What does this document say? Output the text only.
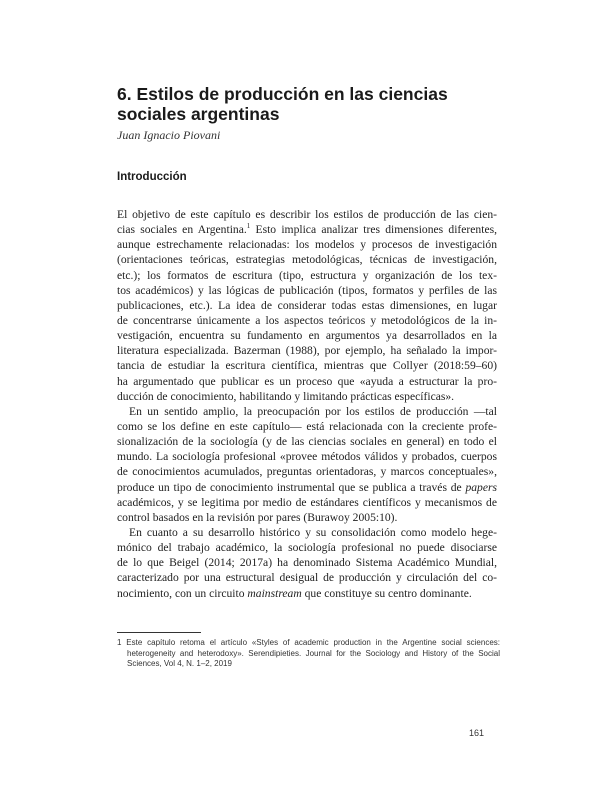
6. Estilos de producción en las ciencias
sociales argentinas
Juan Ignacio Piovani
Introducción
El objetivo de este capítulo es describir los estilos de producción de las cien-
cias sociales en Argentina.$^1$ Esto implica analizar tres dimensiones diferentes,
aunque estrechamente relacionadas: los modelos y procesos de investigación
(orientaciones teóricas, estrategias metodológicas, técnicas de investigación,
etc.); los formatos de escritura (tipo, estructura y organización de los tex-
tos académicos) y las lógicas de publicación (tipos, formatos y perfiles de las
publicaciones, etc.). La idea de considerar todas estas dimensiones, en lugar
de concentrarse únicamente a los aspectos teóricos y metodológicos de la in-
vestigación, encuentra su fundamento en argumentos ya desarrollados en la
literatura especializada. Bazerman (1988), por ejemplo, ha señalado la impor-
tancia de estudiar la escritura científica, mientras que Collyer (2018:59–60)
ha argumentado que publicar es un proceso que «ayuda a estructurar la pro-
ducción de conocimiento, habilitando y limitando prácticas específicas».
En un sentido amplio, la preocupación por los estilos de producción —tal
como se los define en este capítulo— está relacionada con la creciente profe-
sionalización de la sociología (y de las ciencias sociales en general) en todo el
mundo. La sociología profesional «provee métodos válidos y probados, cuerpos
de conocimientos acumulados, preguntas orientadoras, y marcos conceptuales»,
produce un tipo de conocimiento instrumental que se publica a través de papers
académicos, y se legitima por medio de estándares científicos y mecanismos de
control basados en la revisión por pares (Burawoy 2005:10).
En cuanto a su desarrollo histórico y su consolidación como modelo hege-
mónico del trabajo académico, la sociología profesional no puede disociarse
de lo que Beigel (2014; 2017a) ha denominado Sistema Académico Mundial,
caracterizado por una estructural desigual de producción y circulación del co-
nocimiento, con un circuito mainstream que constituye su centro dominante.
1 Este capítulo retoma el artículo «Styles of academic production in the Argentine social sciences:
heterogeneity and heterodoxy». Serendipieties. Journal for the Sociology and History of the Social
Sciences, Vol 4, N. 1–2, 2019
161
